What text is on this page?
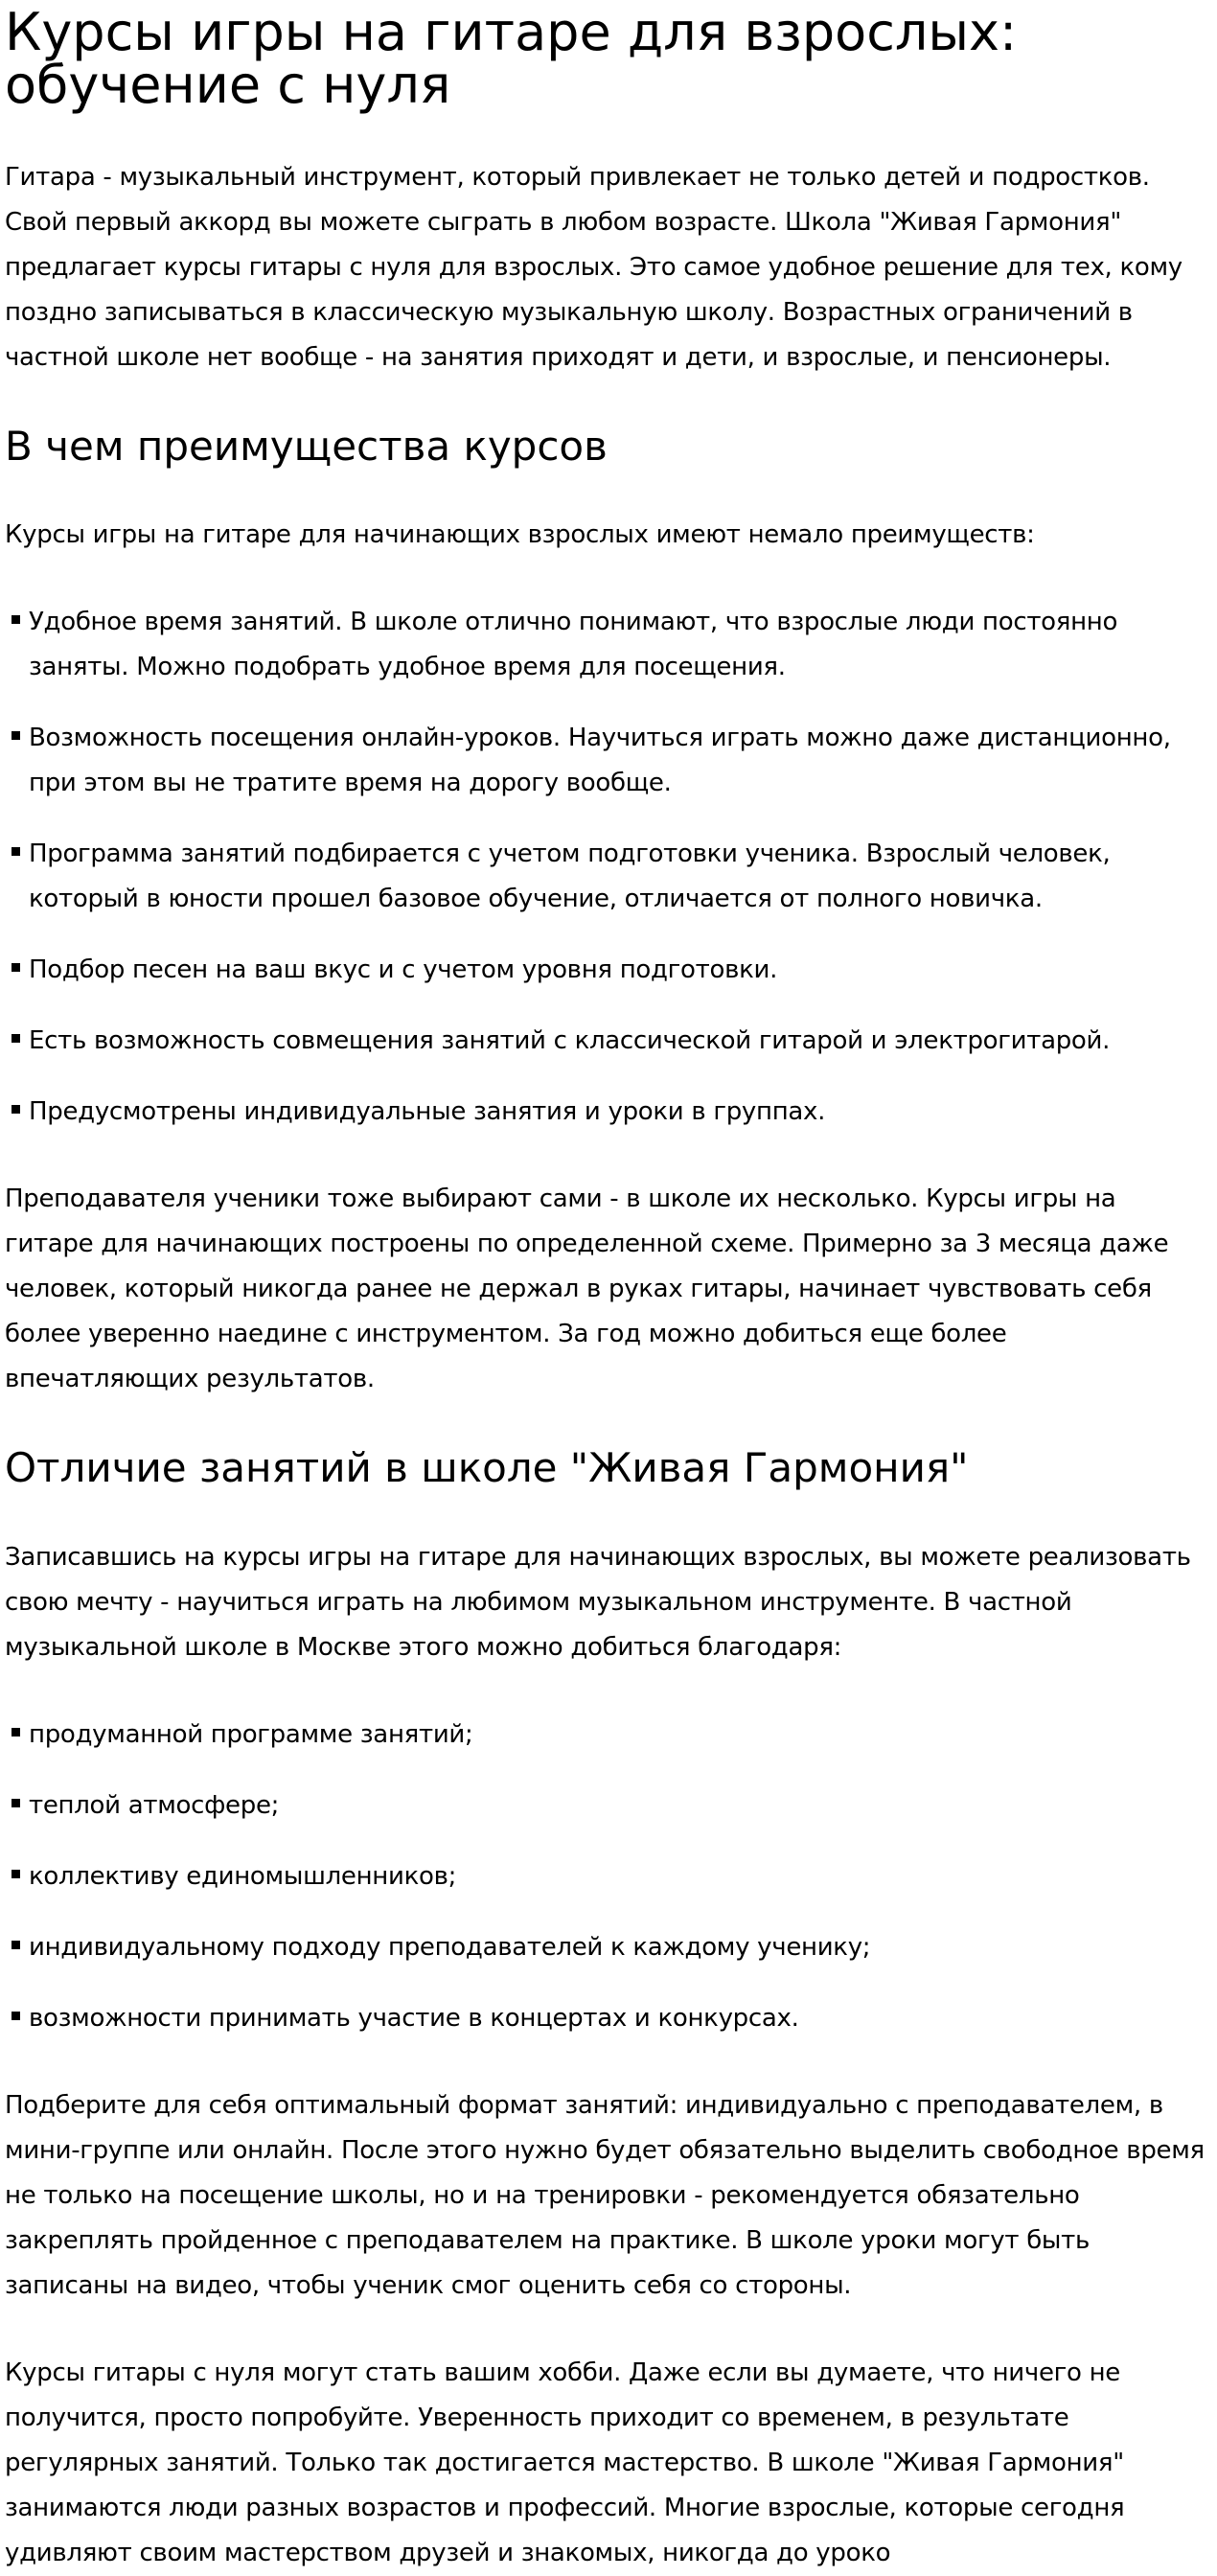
Курсы игры на гитаре для взрослых: обучение с нуля

Гитара - музыкальный инструмент, который привлекает не только детей и подростков. Свой первый аккорд вы можете сыграть в любом возрасте. Школа "Живая Гармония" предлагает курсы гитары с нуля для взрослых. Это самое удобное решение для тех, кому поздно записываться в классическую музыкальную школу. Возрастных ограничений в частной школе нет вообще - на занятия приходят и дети, и взрослые, и пенсионеры.

В чем преимущества курсов

Курсы игры на гитаре для начинающих взрослых имеют немало преимуществ:

Удобное время занятий. В школе отлично понимают, что взрослые люди постоянно заняты. Можно подобрать удобное время для посещения.
Возможность посещения онлайн-уроков. Научиться играть можно даже дистанционно, при этом вы не тратите время на дорогу вообще.
Программа занятий подбирается с учетом подготовки ученика. Взрослый человек, который в юности прошел базовое обучение, отличается от полного новичка.
Подбор песен на ваш вкус и с учетом уровня подготовки.
Есть возможность совмещения занятий с классической гитарой и электрогитарой.
Предусмотрены индивидуальные занятия и уроки в группах.

Преподавателя ученики тоже выбирают сами - в школе их несколько. Курсы игры на гитаре для начинающих построены по определенной схеме. Примерно за 3 месяца даже человек, который никогда ранее не держал в руках гитары, начинает чувствовать себя более уверенно наедине с инструментом. За год можно добиться еще более впечатляющих результатов.

Отличие занятий в школе "Живая Гармония"

Записавшись на курсы игры на гитаре для начинающих взрослых, вы можете реализовать свою мечту - научиться играть на любимом музыкальном инструменте. В частной музыкальной школе в Москве этого можно добиться благодаря:

продуманной программе занятий;
теплой атмосфере;
коллективу единомышленников;
индивидуальному подходу преподавателей к каждому ученику;
возможности принимать участие в концертах и конкурсах.

Подберите для себя оптимальный формат занятий: индивидуально с преподавателем, в мини-группе или онлайн. После этого нужно будет обязательно выделить свободное время не только на посещение школы, но и на тренировки - рекомендуется обязательно закреплять пройденное с преподавателем на практике. В школе уроки могут быть записаны на видео, чтобы ученик смог оценить себя со стороны.

Курсы гитары с нуля могут стать вашим хобби. Даже если вы думаете, что ничего не получится, просто попробуйте. Уверенность приходит со временем, в результате регулярных занятий. Только так достигается мастерство. В школе "Живая Гармония" занимаются люди разных возрастов и профессий. Многие взрослые, которые сегодня удивляют своим мастерством друзей и знакомых, никогда до уроко
